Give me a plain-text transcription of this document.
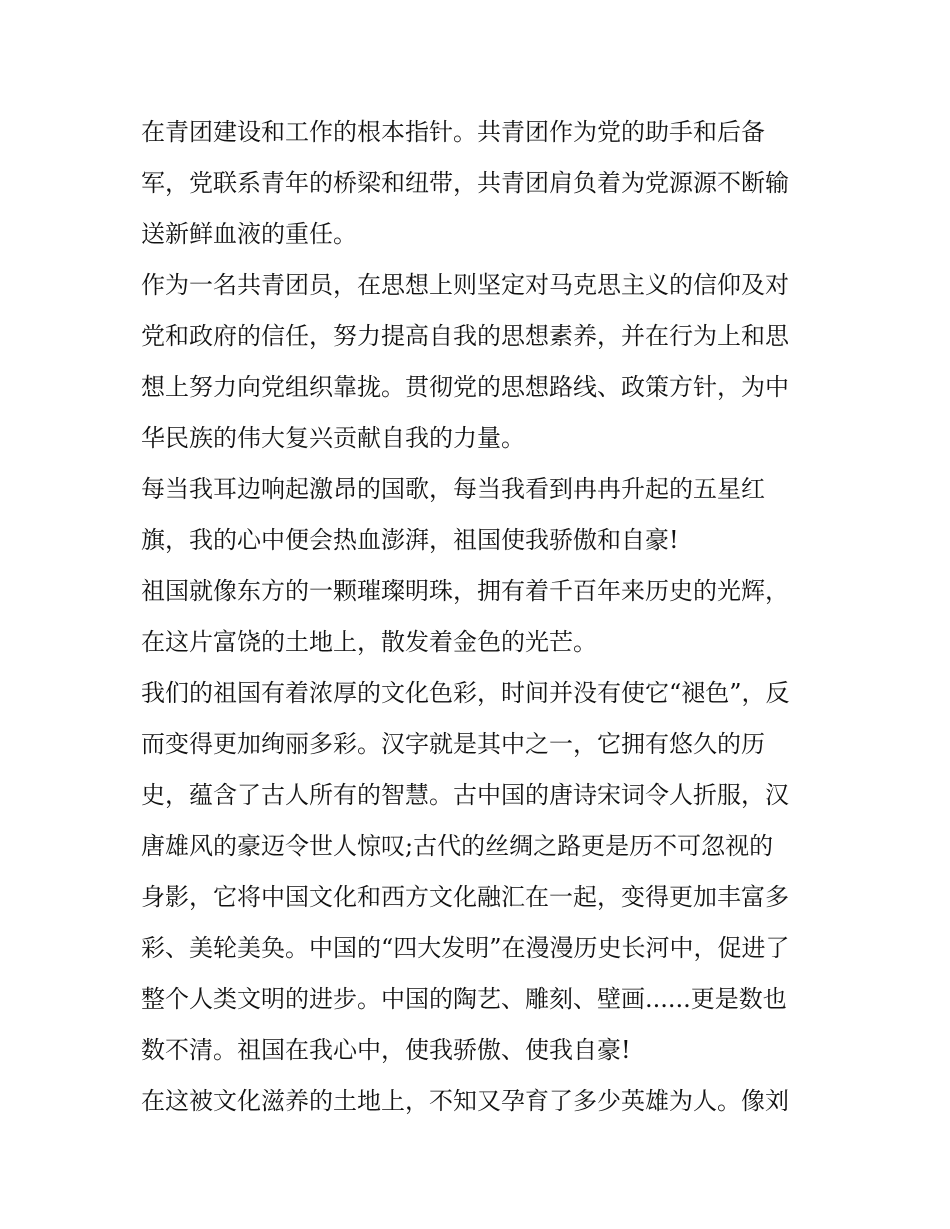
在青团建设和工作的根本指针。共青团作为党的助手和后备
军，党联系青年的桥梁和纽带，共青团肩负着为党源源不断输
送新鲜血液的重任。
作为一名共青团员，在思想上则坚定对马克思主义的信仰及对
党和政府的信任，努力提高自我的思想素养，并在行为上和思
想上努力向党组织靠拢。贯彻党的思想路线、政策方针，为中
华民族的伟大复兴贡献自我的力量。
每当我耳边响起激昂的国歌，每当我看到冉冉升起的五星红
旗，我的心中便会热血澎湃，祖国使我骄傲和自豪!
祖国就像东方的一颗璀璨明珠，拥有着千百年来历史的光辉，
在这片富饶的土地上，散发着金色的光芒。
我们的祖国有着浓厚的文化色彩，时间并没有使它“褪色”，反
而变得更加绚丽多彩。汉字就是其中之一，它拥有悠久的历
史，蕴含了古人所有的智慧。古中国的唐诗宋词令人折服，汉
唐雄风的豪迈令世人惊叹;古代的丝绸之路更是历不可忽视的
身影，它将中国文化和西方文化融汇在一起，变得更加丰富多
彩、美轮美奂。中国的“四大发明”在漫漫历史长河中，促进了
整个人类文明的进步。中国的陶艺、雕刻、壁画......更是数也
数不清。祖国在我心中，使我骄傲、使我自豪!
在这被文化滋养的土地上，不知又孕育了多少英雄为人。像刘
